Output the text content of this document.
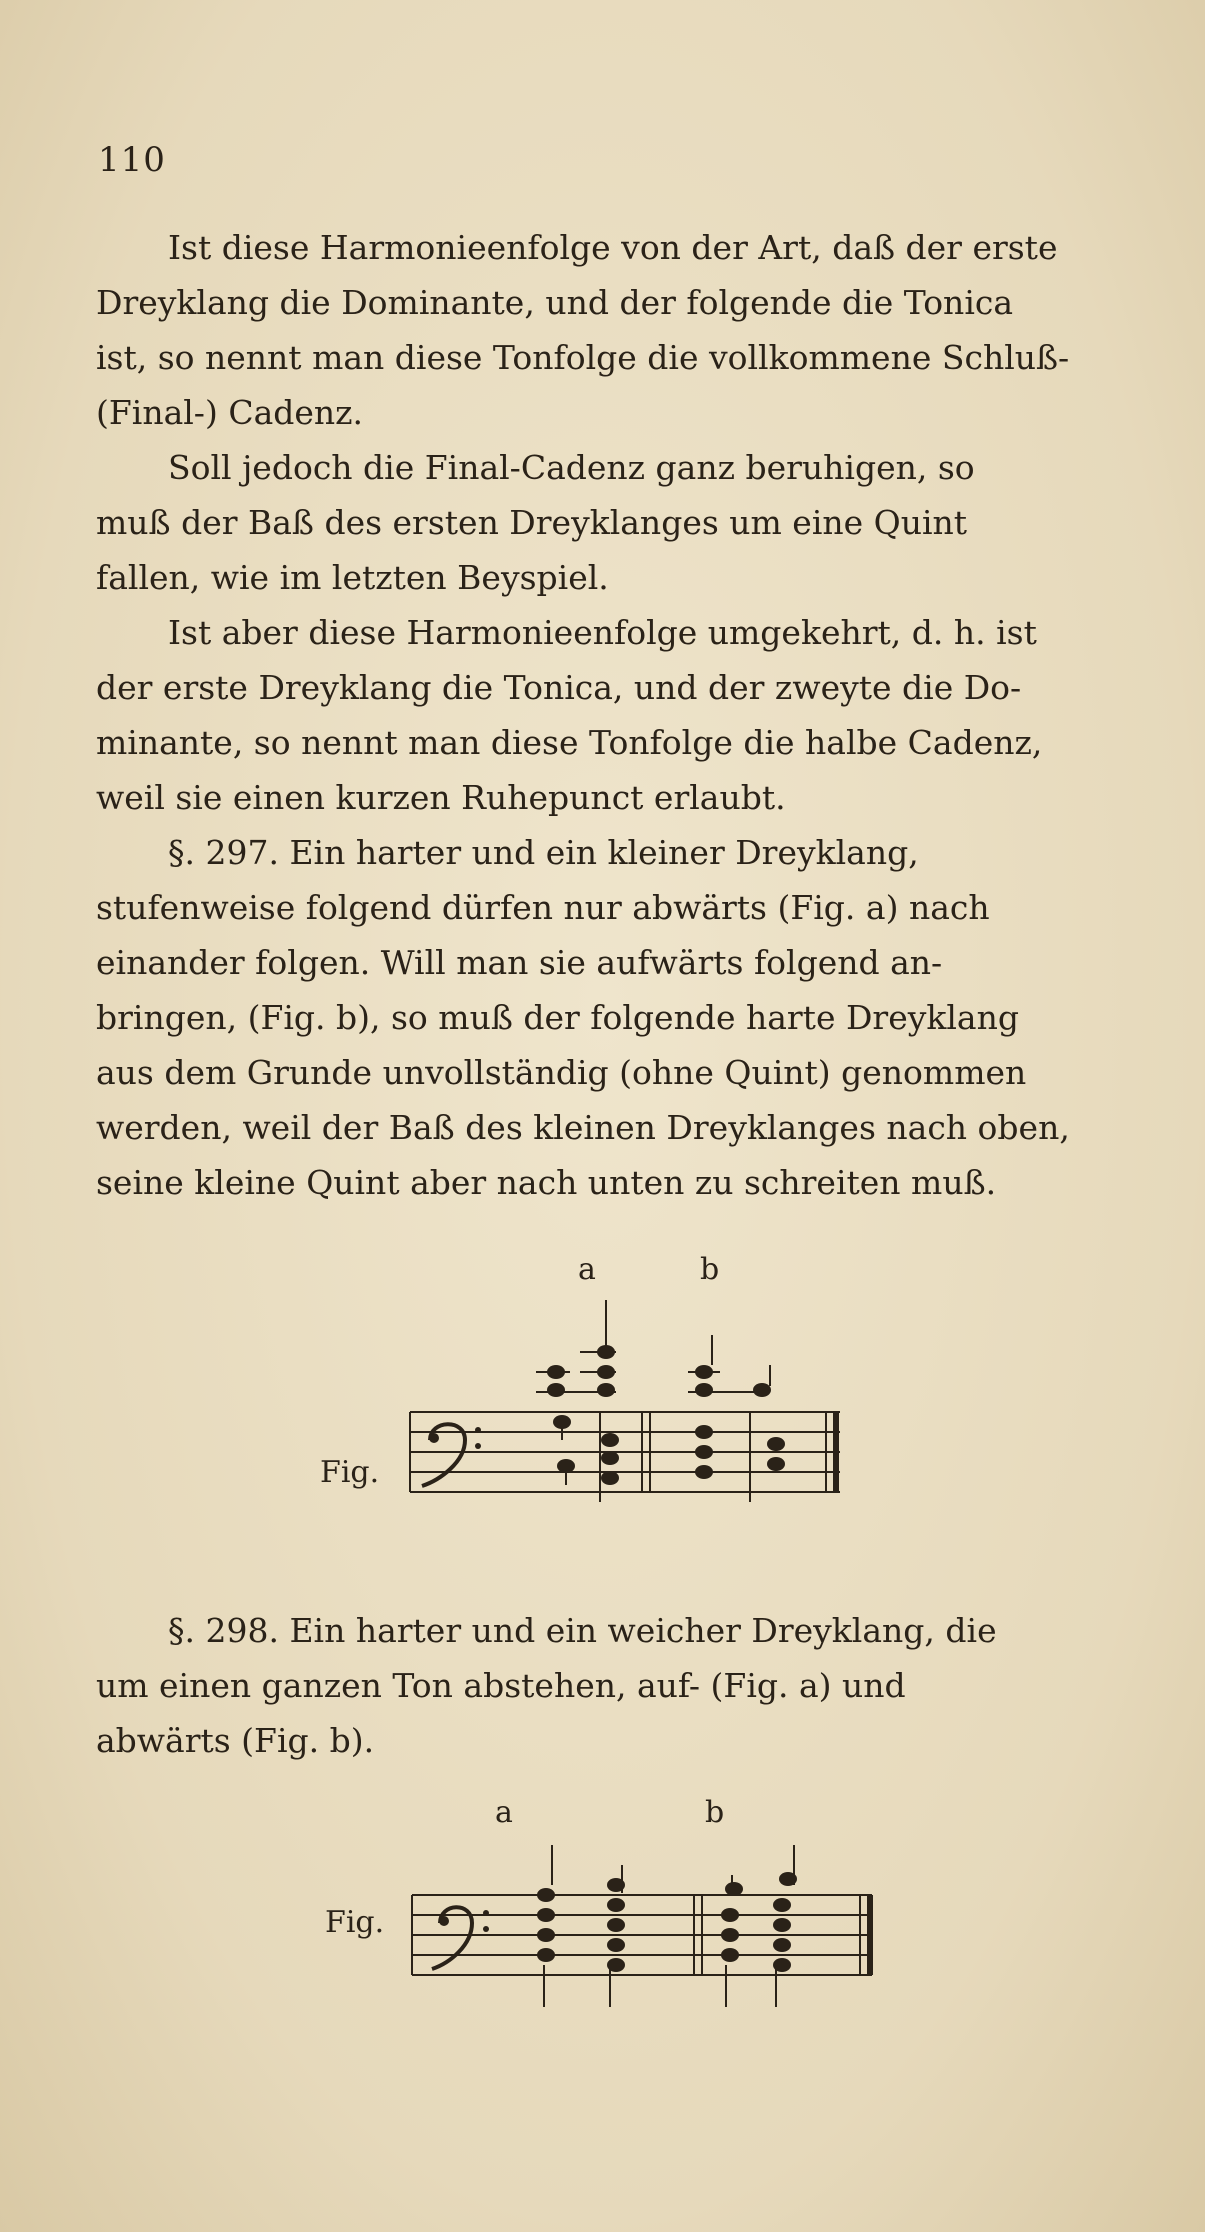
110

Ist diese Harmonieenfolge von der Art, daß der erste
Dreyklang die Dominante, und der folgende die Tonica
ist, so nennt man diese Tonfolge die vollkommene Schluß-
(Final-) Cadenz.

Soll jedoch die Final-Cadenz ganz beruhigen, so
muß der Baß des ersten Dreyklanges um eine Quint
fallen, wie im letzten Beyspiel.

Ist aber diese Harmonieenfolge umgekehrt, d. h. ist
der erste Dreyklang die Tonica, und der zweyte die Do-
minante, so nennt man diese Tonfolge die halbe Cadenz,
weil sie einen kurzen Ruhepunct erlaubt.

§. 297. Ein harter und ein kleiner Dreyklang,
stufenweise folgend dürfen nur abwärts (Fig. a) nach
einander folgen. Will man sie aufwärts folgend an-
bringen, (Fig. b), so muß der folgende harte Dreyklang
aus dem Grunde unvollständig (ohne Quint) genommen
werden, weil der Baß des kleinen Dreyklanges nach oben,
seine kleine Quint aber nach unten zu schreiten muß.

a	b
Fig.

§. 298. Ein harter und ein weicher Dreyklang, die
um einen ganzen Ton abstehen, auf- (Fig. a) und
abwärts (Fig. b).

a	b
Fig.
